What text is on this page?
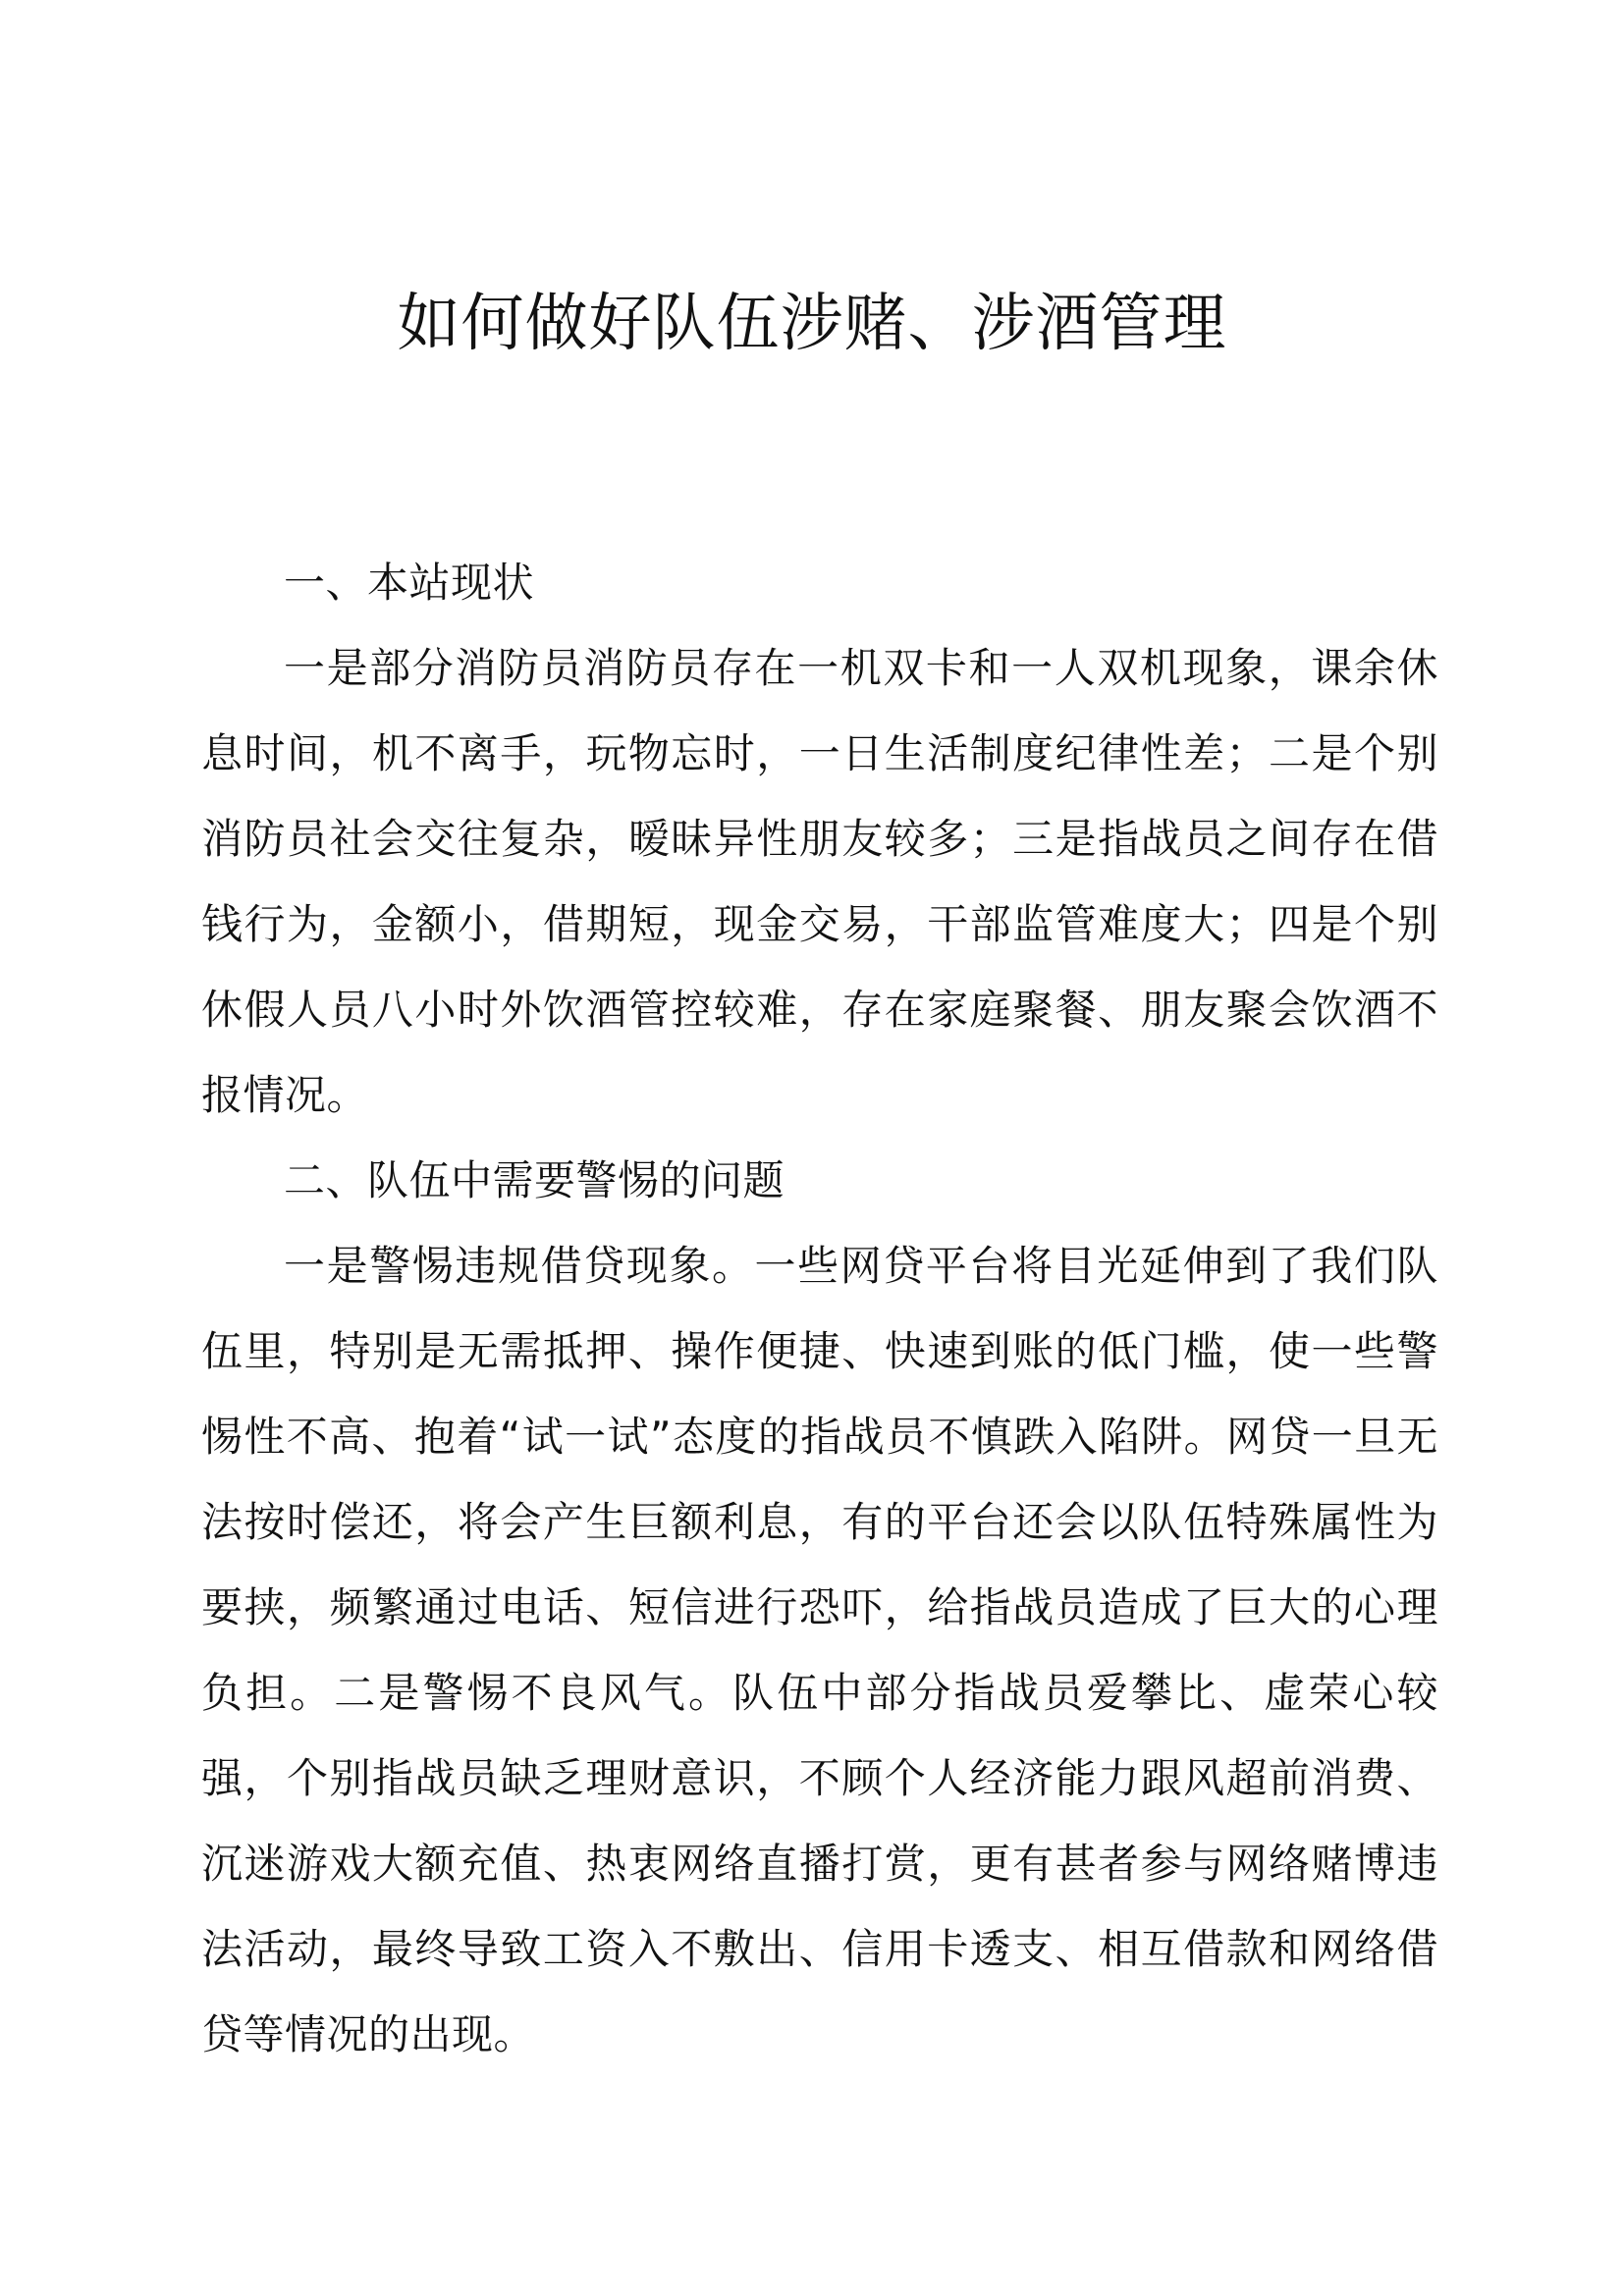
如何做好队伍涉赌、涉酒管理

一、本站现状

一是部分消防员消防员存在一机双卡和一人双机现象，课余休息时间，机不离手，玩物忘时，一日生活制度纪律性差；二是个别消防员社会交往复杂，暧昧异性朋友较多；三是指战员之间存在借钱行为，金额小，借期短，现金交易，干部监管难度大；四是个别休假人员八小时外饮酒管控较难，存在家庭聚餐、朋友聚会饮酒不报情况。

二、队伍中需要警惕的问题

一是警惕违规借贷现象。一些网贷平台将目光延伸到了我们队伍里，特别是无需抵押、操作便捷、快速到账的低门槛，使一些警惕性不高、抱着“试一试”态度的指战员不慎跌入陷阱。网贷一旦无法按时偿还，将会产生巨额利息，有的平台还会以队伍特殊属性为要挟，频繁通过电话、短信进行恐吓，给指战员造成了巨大的心理负担。二是警惕不良风气。队伍中部分指战员爱攀比、虚荣心较强，个别指战员缺乏理财意识，不顾个人经济能力跟风超前消费、沉迷游戏大额充值、热衷网络直播打赏，更有甚者参与网络赌博违法活动，最终导致工资入不敷出、信用卡透支、相互借款和网络借贷等情况的出现。
